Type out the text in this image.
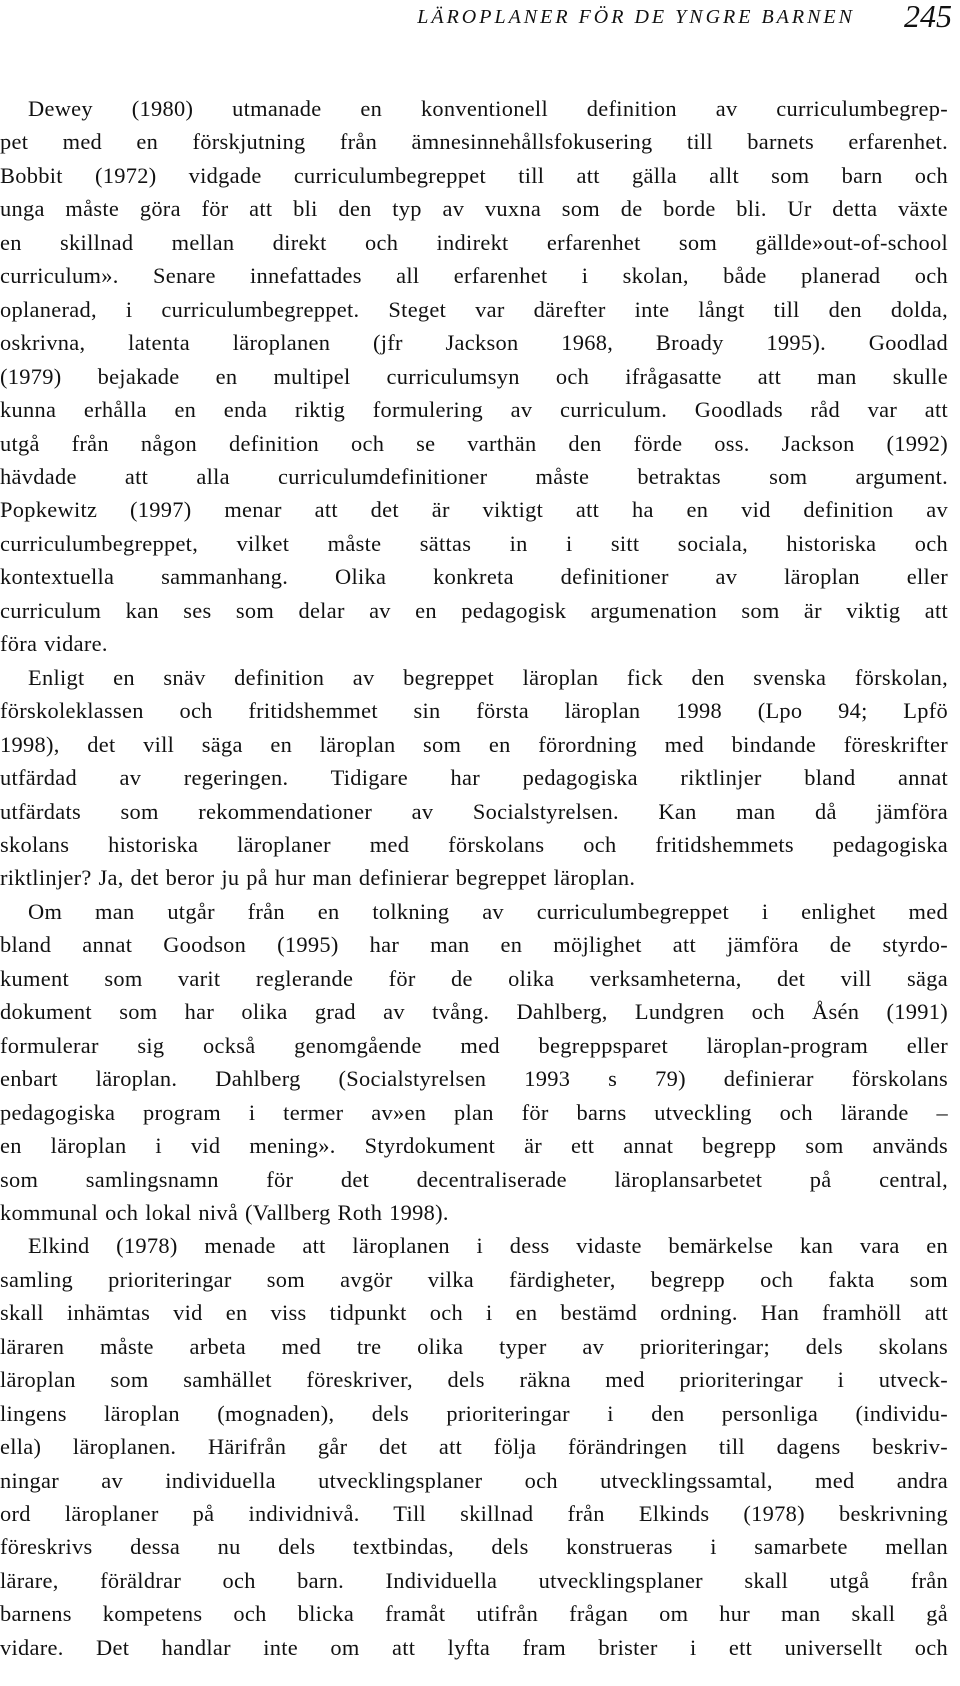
LÄROPLANER FÖR DE YNGRE BARNEN 245
Dewey (1980) utmanade en konventionell definition av curriculumbegrep-
pet med en förskjutning från ämnesinnehållsfokusering till barnets erfarenhet.
Bobbit (1972) vidgade curriculumbegreppet till att gälla allt som barn och
unga måste göra för att bli den typ av vuxna som de borde bli. Ur detta växte
en skillnad mellan direkt och indirekt erfarenhet som gällde»out-of-school
curriculum». Senare innefattades all erfarenhet i skolan, både planerad och
oplanerad, i curriculumbegreppet. Steget var därefter inte långt till den dolda,
oskrivna, latenta läroplanen (jfr Jackson 1968, Broady 1995). Goodlad
(1979) bejakade en multipel curriculumsyn och ifrågasatte att man skulle
kunna erhålla en enda riktig formulering av curriculum. Goodlads råd var att
utgå från någon definition och se varthän den förde oss. Jackson (1992)
hävdade att alla curriculumdefinitioner måste betraktas som argument.
Popkewitz (1997) menar att det är viktigt att ha en vid definition av
curriculumbegreppet, vilket måste sättas in i sitt sociala, historiska och
kontextuella sammanhang. Olika konkreta definitioner av läroplan eller
curriculum kan ses som delar av en pedagogisk argumenation som är viktig att
föra vidare.
Enligt en snäv definition av begreppet läroplan fick den svenska förskolan,
förskoleklassen och fritidshemmet sin första läroplan 1998 (Lpo 94; Lpfö
1998), det vill säga en läroplan som en förordning med bindande föreskrifter
utfärdad av regeringen. Tidigare har pedagogiska riktlinjer bland annat
utfärdats som rekommendationer av Socialstyrelsen. Kan man då jämföra
skolans historiska läroplaner med förskolans och fritidshemmets pedagogiska
riktlinjer? Ja, det beror ju på hur man definierar begreppet läroplan.
Om man utgår från en tolkning av curriculumbegreppet i enlighet med
bland annat Goodson (1995) har man en möjlighet att jämföra de styrdo-
kument som varit reglerande för de olika verksamheterna, det vill säga
dokument som har olika grad av tvång. Dahlberg, Lundgren och Åsén (1991)
formulerar sig också genomgående med begreppsparet läroplan-program eller
enbart läroplan. Dahlberg (Socialstyrelsen 1993 s 79) definierar förskolans
pedagogiska program i termer av»en plan för barns utveckling och lärande –
en läroplan i vid mening». Styrdokument är ett annat begrepp som används
som samlingsnamn för det decentraliserade läroplansarbetet på central,
kommunal och lokal nivå (Vallberg Roth 1998).
Elkind (1978) menade att läroplanen i dess vidaste bemärkelse kan vara en
samling prioriteringar som avgör vilka färdigheter, begrepp och fakta som
skall inhämtas vid en viss tidpunkt och i en bestämd ordning. Han framhöll att
läraren måste arbeta med tre olika typer av prioriteringar; dels skolans
läroplan som samhället föreskriver, dels räkna med prioriteringar i utveck-
lingens läroplan (mognaden), dels prioriteringar i den personliga (individu-
ella) läroplanen. Härifrån går det att följa förändringen till dagens beskriv-
ningar av individuella utvecklingsplaner och utvecklingssamtal, med andra
ord läroplaner på individnivå. Till skillnad från Elkinds (1978) beskrivning
föreskrivs dessa nu dels textbindas, dels konstrueras i samarbete mellan
lärare, föräldrar och barn. Individuella utvecklingsplaner skall utgå från
barnens kompetens och blicka framåt utifrån frågan om hur man skall gå
vidare. Det handlar inte om att lyfta fram brister i ett universellt och
